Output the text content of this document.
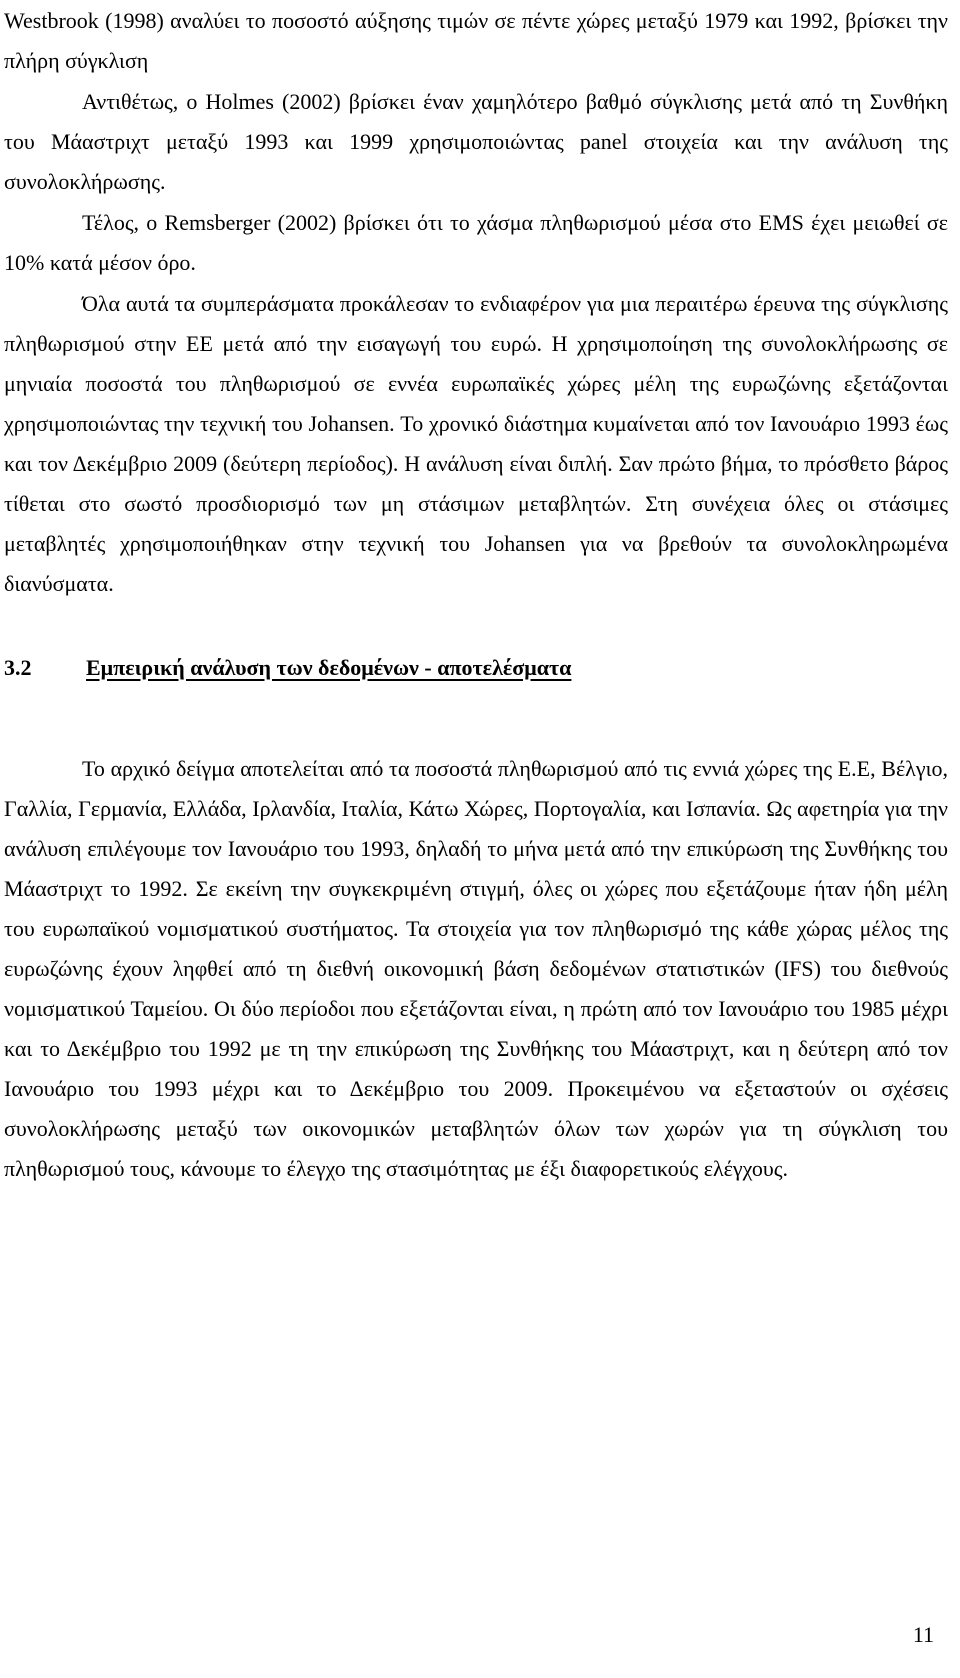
Westbrook (1998) αναλύει το ποσοστό αύξησης τιμών σε πέντε χώρες μεταξύ 1979 και 1992, βρίσκει την πλήρη σύγκλιση

Αντιθέτως, ο Holmes (2002) βρίσκει έναν χαμηλότερο βαθμό σύγκλισης μετά από τη Συνθήκη του Μάαστριχτ μεταξύ 1993 και 1999 χρησιμοποιώντας panel στοιχεία και την ανάλυση της συνολοκλήρωσης.

Τέλος, ο Remsberger (2002) βρίσκει ότι το χάσμα πληθωρισμού μέσα στο EMS έχει μειωθεί σε 10% κατά μέσον όρο.

Όλα αυτά τα συμπεράσματα προκάλεσαν το ενδιαφέρον για μια περαιτέρω έρευνα της σύγκλισης πληθωρισμού στην ΕΕ μετά από την εισαγωγή του ευρώ. Η χρησιμοποίηση της συνολοκλήρωσης σε μηνιαία ποσοστά του πληθωρισμού σε εννέα ευρωπαϊκές χώρες μέλη της ευρωζώνης εξετάζονται χρησιμοποιώντας την τεχνική του Johansen. Το χρονικό διάστημα κυμαίνεται από τον Ιανουάριο 1993 έως και τον Δεκέμβριο 2009 (δεύτερη περίοδος). Η ανάλυση είναι διπλή. Σαν πρώτο βήμα, το πρόσθετο βάρος τίθεται στο σωστό προσδιορισμό των μη στάσιμων μεταβλητών. Στη συνέχεια όλες οι στάσιμες μεταβλητές χρησιμοποιήθηκαν στην τεχνική του Johansen για να βρεθούν τα συνολοκληρωμένα διανύσματα.

3.2	Εμπειρική ανάλυση των δεδομένων - αποτελέσματα

Το αρχικό δείγμα αποτελείται από τα ποσοστά πληθωρισμού από τις εννιά χώρες της Ε.Ε, Βέλγιο, Γαλλία, Γερμανία, Ελλάδα, Ιρλανδία, Ιταλία, Κάτω Χώρες, Πορτογαλία, και Ισπανία. Ως αφετηρία για την ανάλυση επιλέγουμε τον Ιανουάριο του 1993, δηλαδή το μήνα μετά από την επικύρωση της Συνθήκης του Μάαστριχτ το 1992. Σε εκείνη την συγκεκριμένη στιγμή, όλες οι χώρες που εξετάζουμε ήταν ήδη μέλη του ευρωπαϊκού νομισματικού συστήματος. Τα στοιχεία για τον πληθωρισμό της κάθε χώρας μέλος της ευρωζώνης έχουν ληφθεί από τη διεθνή οικονομική βάση δεδομένων στατιστικών (IFS) του διεθνούς νομισματικού Ταμείου. Οι δύο περίοδοι που εξετάζονται είναι, η πρώτη από τον Ιανουάριο του 1985 μέχρι και το Δεκέμβριο του 1992 με τη την επικύρωση της Συνθήκης του Μάαστριχτ, και η δεύτερη από τον Ιανουάριο του 1993 μέχρι και το Δεκέμβριο του 2009. Προκειμένου να εξεταστούν οι σχέσεις συνολοκλήρωσης μεταξύ των οικονομικών μεταβλητών όλων των χωρών για τη σύγκλιση του πληθωρισμού τους, κάνουμε το έλεγχο της στασιμότητας με έξι διαφορετικούς ελέγχους.

11
